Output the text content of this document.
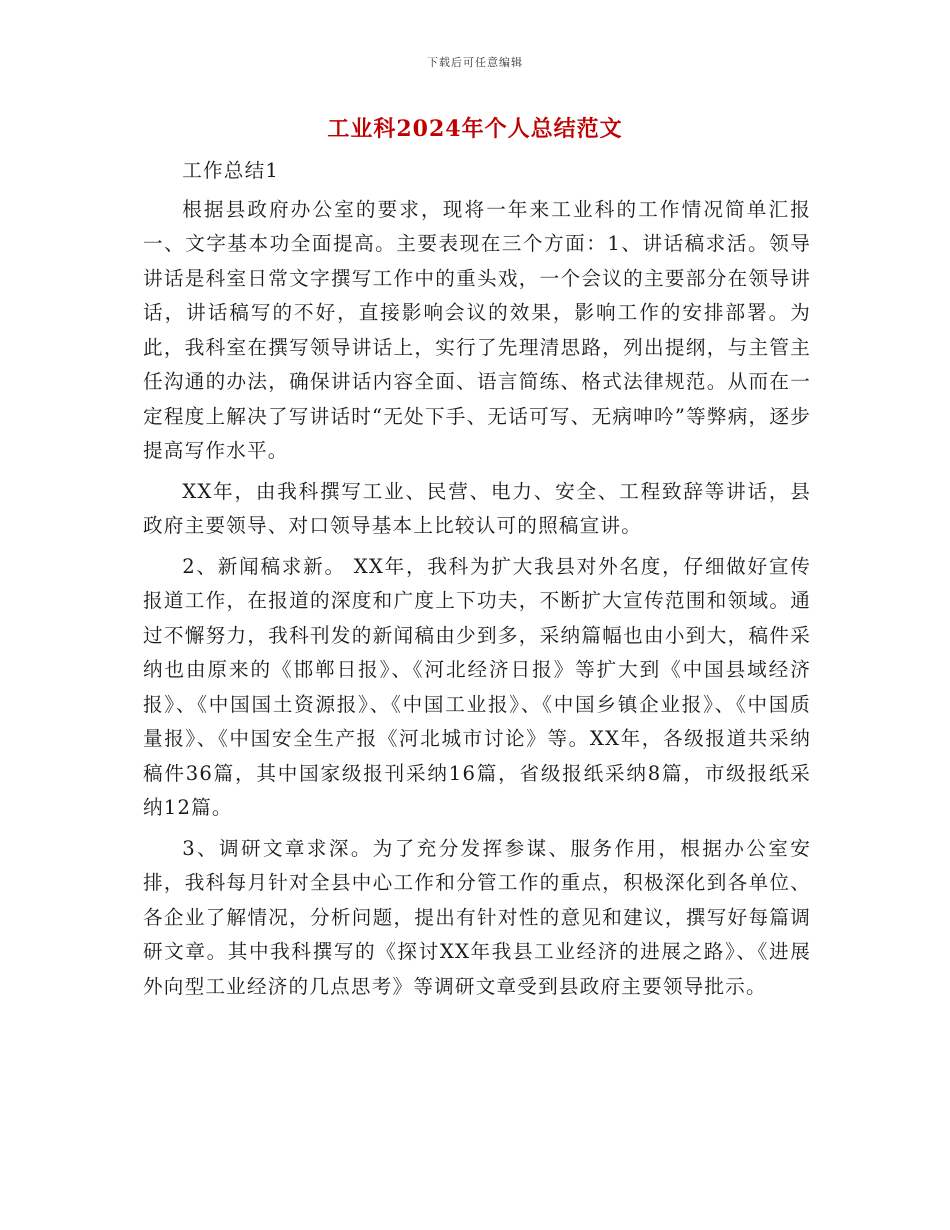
下载后可任意编辑
工业科2024年个人总结范文

工作总结1

根据县政府办公室的要求，现将一年来工业科的工作情况简单汇报 一、文字基本功全面提高。主要表现在三个方面：1、讲话稿求活。领导讲话是科室日常文字撰写工作中的重头戏，一个会议的主要部分在领导讲话，讲话稿写的不好，直接影响会议的效果，影响工作的安排部署。为此，我科室在撰写领导讲话上，实行了先理清思路，列出提纲，与主管主任沟通的办法，确保讲话内容全面、语言简练、格式法律规范。从而在一定程度上解决了写讲话时“无处下手、无话可写、无病呻吟”等弊病，逐步提高写作水平。

XX年，由我科撰写工业、民营、电力、安全、工程致辞等讲话，县政府主要领导、对口领导基本上比较认可的照稿宣讲。

2、新闻稿求新。 XX年，我科为扩大我县对外名度，仔细做好宣传报道工作，在报道的深度和广度上下功夫，不断扩大宣传范围和领域。通过不懈努力，我科刊发的新闻稿由少到多，采纳篇幅也由小到大，稿件采纳也由原来的《邯郸日报》、《河北经济日报》等扩大到《中国县域经济报》、《中国国土资源报》、《中国工业报》、《中国乡镇企业报》、《中国质量报》、《中国安全生产报《河北城市讨论》等。XX年，各级报道共采纳稿件36篇，其中国家级报刊采纳16篇，省级报纸采纳8篇，市级报纸采纳12篇。

3、调研文章求深。为了充分发挥参谋、服务作用，根据办公室安排，我科每月针对全县中心工作和分管工作的重点，积极深化到各单位、各企业了解情况，分析问题，提出有针对性的意见和建议，撰写好每篇调研文章。其中我科撰写的《探讨XX年我县工业经济的进展之路》、《进展外向型工业经济的几点思考》等调研文章受到县政府主要领导批示。
